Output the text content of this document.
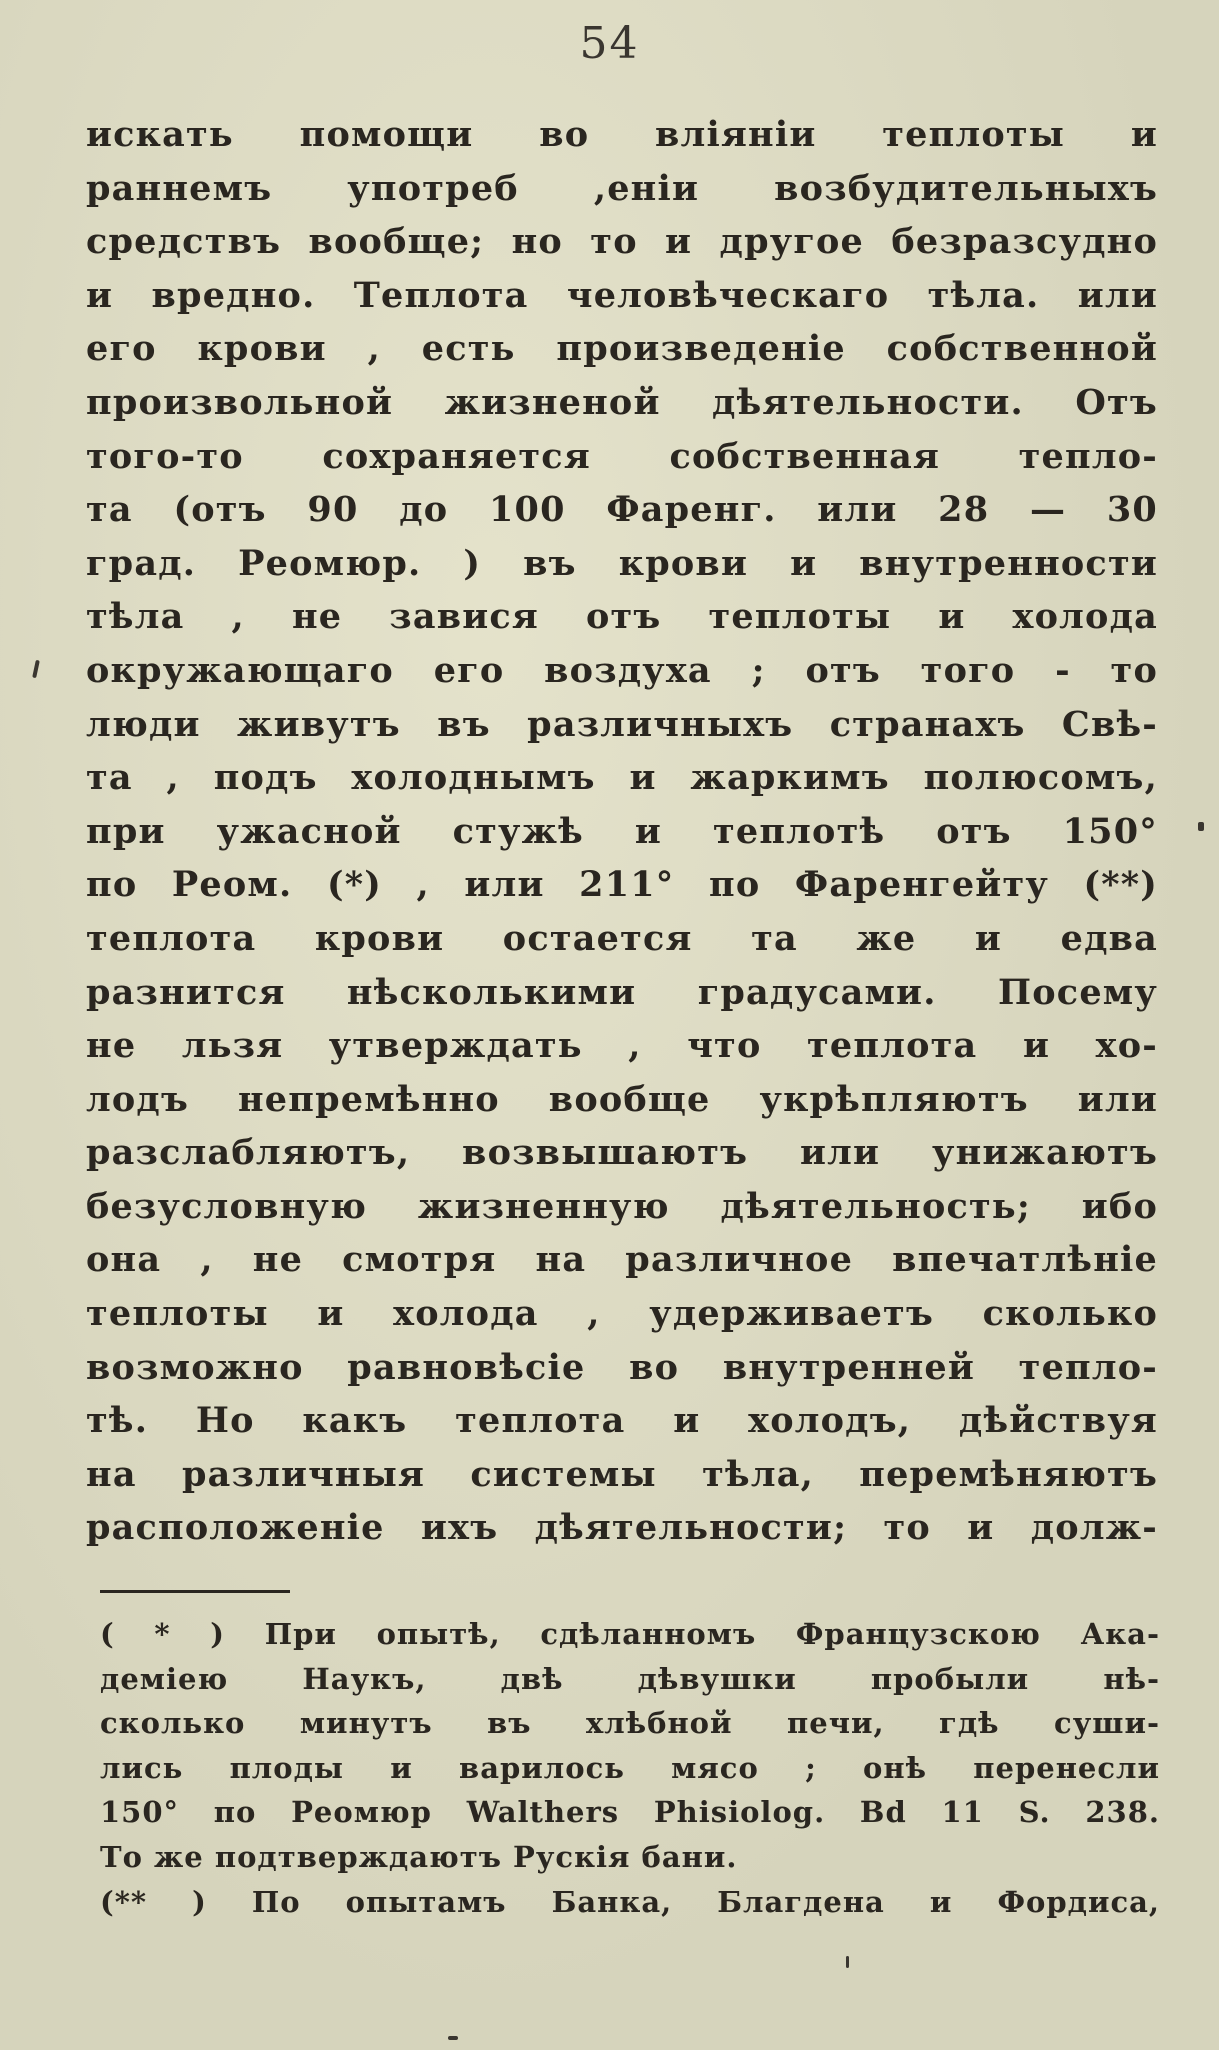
54
искать помощи во влiянiи теплоты и
раннемъ употреб ,енiи возбудительныхъ
средствъ вообще; но то и другое безразсудно
и вредно. Теплота человѣческаго тѣла. или
его крови , есть произведенiе собственной
произвольной жизненой дѣятельности. Отъ
того-то сохраняется собственная тепло-
та (отъ 90 до 100 Фаренг. или 28 — 30
град. Реомюр. ) въ крови и внутренности
тѣла , не завися отъ теплоты и холода
окружающаго его воздуха ; отъ того - то
люди живутъ въ различныхъ странахъ Свѣ-
та , подъ холоднымъ и жаркимъ полюсомъ,
при ужасной стужѣ и теплотѣ отъ 150°
по Реом. (*) , или 211° по Фаренгейту (**)
теплота крови остается та же и едва
разнится нѣсколькими градусами. Посему
не льзя утверждать , что теплота и хо-
лодъ непремѣнно вообще укрѣпляютъ или
разслабляютъ, возвышаютъ или унижаютъ
безусловную жизненную дѣятельность; ибо
она , не смотря на различное впечатлѣнiе
теплоты и холода , удерживаетъ сколько
возможно равновѣсiе во внутренней тепло-
тѣ. Но какъ теплота и холодъ, дѣйствуя
на различныя системы тѣла, перемѣняютъ
расположенiе ихъ дѣятельности; то и долж-
( * ) При опытѣ, сдѣланномъ Французскою Ака-
демiею Наукъ, двѣ дѣвушки пробыли нѣ-
сколько минутъ въ хлѣбной печи, гдѣ суши-
лись плоды и варилось мясо ; онѣ перенесли
150° по Реомюр Walthers Phisiolog. Bd 11 S. 238.
То же подтверждаютъ Рускiя бани.
(** ) По опытамъ Банка, Благдена и Фордиса,
